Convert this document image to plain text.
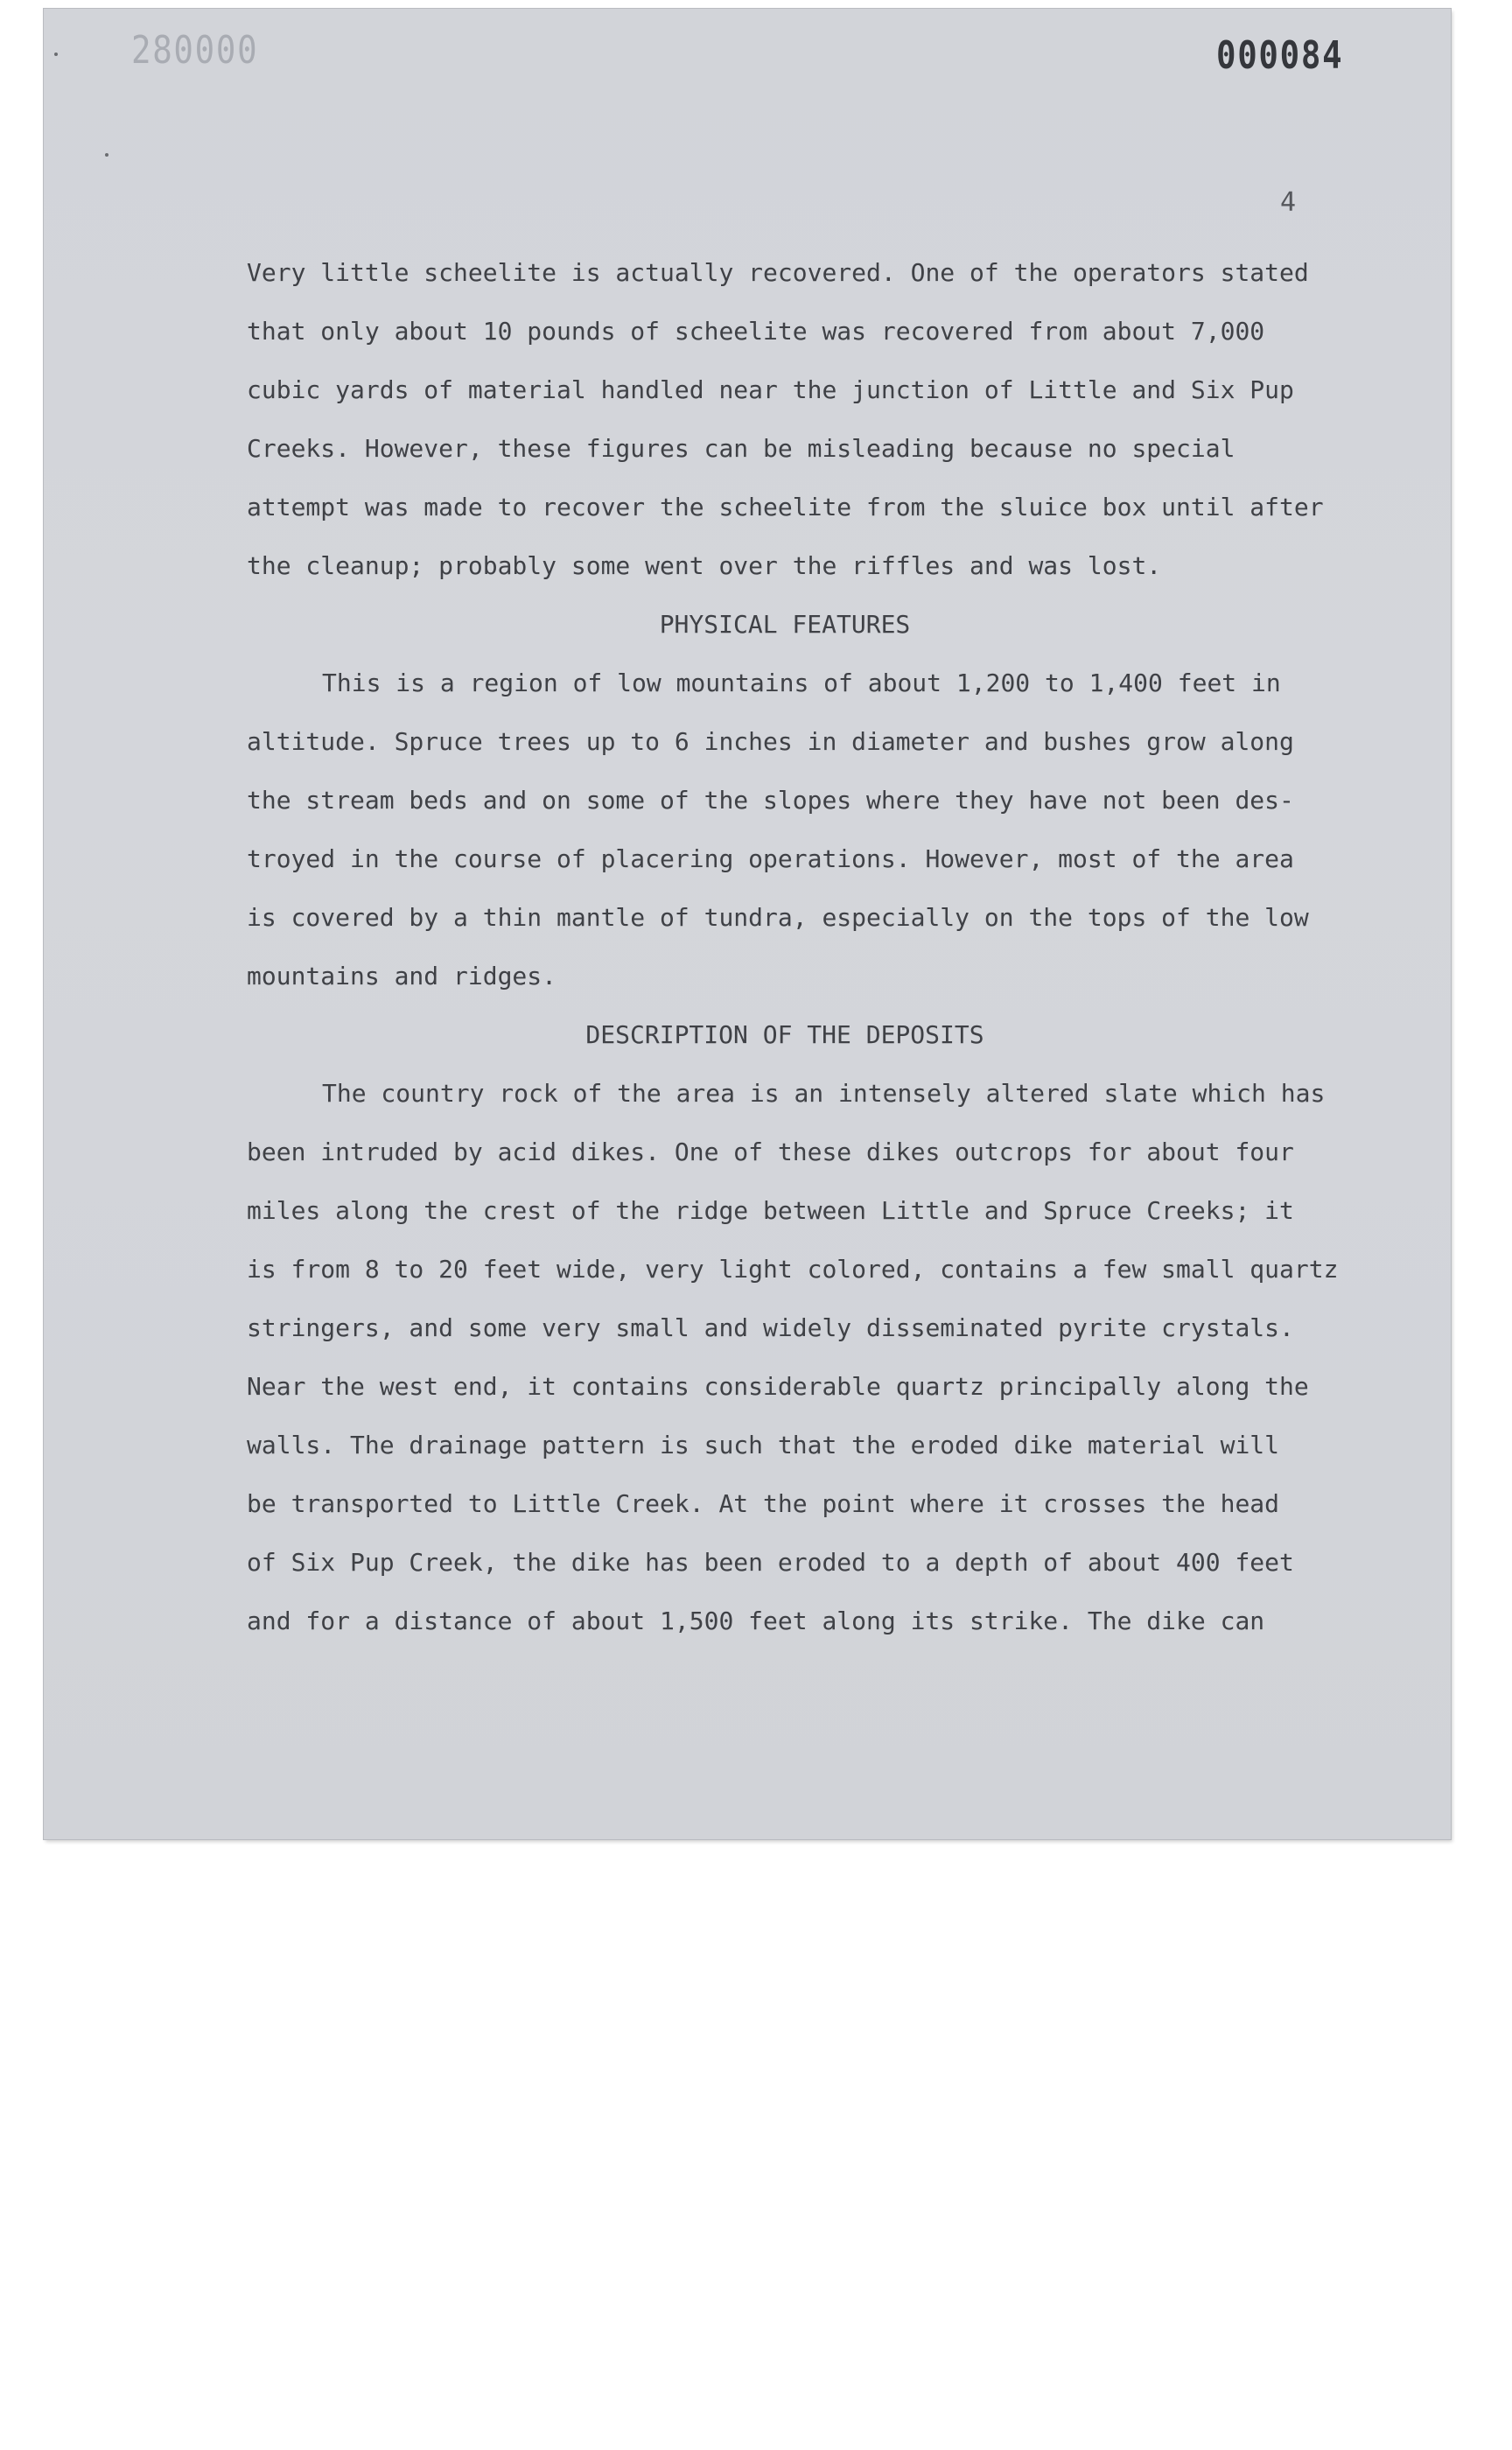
280000	000084
4
Very little scheelite is actually recovered. One of the operators stated
that only about 10 pounds of scheelite was recovered from about 7,000
cubic yards of material handled near the junction of Little and Six Pup
Creeks. However, these figures can be misleading because no special
attempt was made to recover the scheelite from the sluice box until after
the cleanup; probably some went over the riffles and was lost.
PHYSICAL FEATURES
This is a region of low mountains of about 1,200 to 1,400 feet in
altitude. Spruce trees up to 6 inches in diameter and bushes grow along
the stream beds and on some of the slopes where they have not been des-
troyed in the course of placering operations. However, most of the area
is covered by a thin mantle of tundra, especially on the tops of the low
mountains and ridges.
DESCRIPTION OF THE DEPOSITS
The country rock of the area is an intensely altered slate which has
been intruded by acid dikes. One of these dikes outcrops for about four
miles along the crest of the ridge between Little and Spruce Creeks; it
is from 8 to 20 feet wide, very light colored, contains a few small quartz
stringers, and some very small and widely disseminated pyrite crystals.
Near the west end, it contains considerable quartz principally along the
walls. The drainage pattern is such that the eroded dike material will
be transported to Little Creek. At the point where it crosses the head
of Six Pup Creek, the dike has been eroded to a depth of about 400 feet
and for a distance of about 1,500 feet along its strike. The dike can
